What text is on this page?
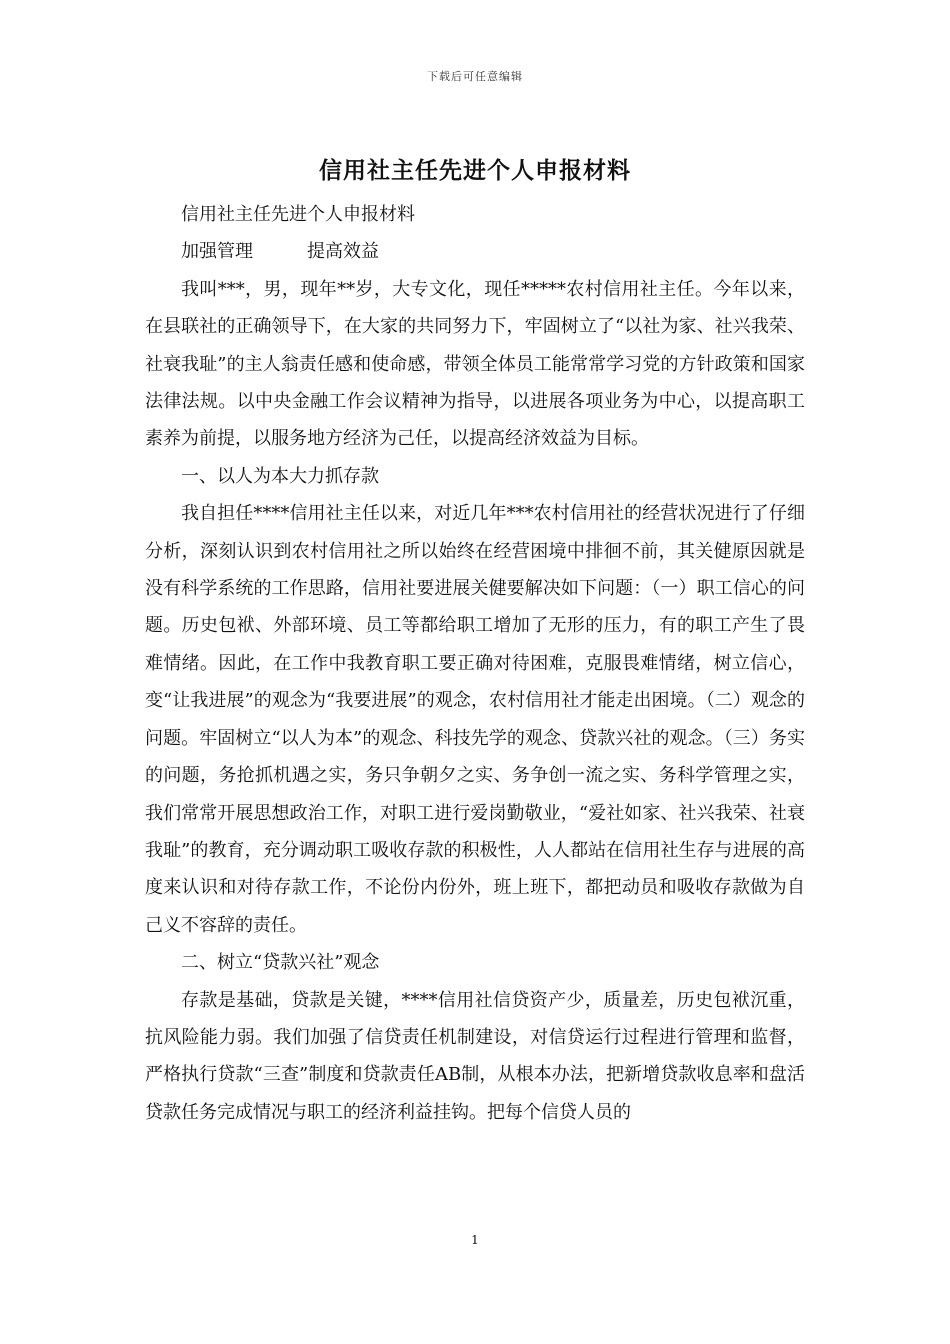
下载后可任意编辑
信用社主任先进个人申报材料

信用社主任先进个人申报材料

加强管理　　　提高效益

我叫***，男，现年**岁，大专文化，现任*****农村信用社主任。今年以来，在县联社的正确领导下，在大家的共同努力下，牢固树立了“以社为家、社兴我荣、社衰我耻”的主人翁责任感和使命感，带领全体员工能常常学习党的方针政策和国家法律法规。以中央金融工作会议精神为指导，以进展各项业务为中心，以提高职工素养为前提，以服务地方经济为己任，以提高经济效益为目标。

一、以人为本大力抓存款

我自担任****信用社主任以来，对近几年***农村信用社的经营状况进行了仔细分析，深刻认识到农村信用社之所以始终在经营困境中排徊不前，其关健原因就是没有科学系统的工作思路，信用社要进展关健要解决如下问题：（一）职工信心的问题。历史包袱、外部环境、员工等都给职工增加了无形的压力，有的职工产生了畏难情绪。因此，在工作中我教育职工要正确对待困难，克服畏难情绪，树立信心，变“让我进展”的观念为“我要进展”的观念，农村信用社才能走出困境。（二）观念的问题。牢固树立“以人为本”的观念、科技先学的观念、贷款兴社的观念。（三）务实的问题，务抢抓机遇之实，务只争朝夕之实、务争创一流之实、务科学管理之实，我们常常开展思想政治工作，对职工进行爱岗勤敬业，“爱社如家、社兴我荣、社衰我耻”的教育，充分调动职工吸收存款的积极性，人人都站在信用社生存与进展的高度来认识和对待存款工作，不论份内份外，班上班下，都把动员和吸收存款做为自己义不容辞的责任。

二、树立“贷款兴社”观念

存款是基础，贷款是关键，****信用社信贷资产少，质量差，历史包袱沉重，抗风险能力弱。我们加强了信贷责任机制建设，对信贷运行过程进行管理和监督，严格执行贷款“三查”制度和贷款责任AB制，从根本办法，把新增贷款收息率和盘活贷款任务完成情况与职工的经济利益挂钩。把每个信贷人员的

1
